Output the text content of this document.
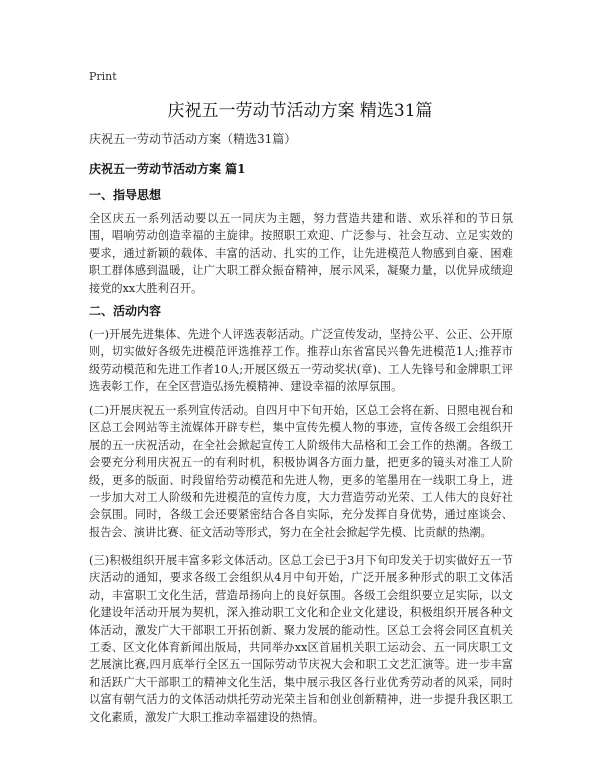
Print
庆祝五一劳动节活动方案 精选31篇
庆祝五一劳动节活动方案（精选31篇）
庆祝五一劳动节活动方案 篇1
一、指导思想
全区庆五一系列活动要以五一同庆为主题，努力营造共建和谐、欢乐祥和的节日氛围，唱响劳动创造幸福的主旋律。按照职工欢迎、广泛参与、社会互动、立足实效的要求，通过新颖的载体、丰富的活动、扎实的工作，让先进模范人物感到自豪、困难职工群体感到温暖，让广大职工群众振奋精神，展示风采，凝聚力量，以优异成绩迎接党的xx大胜利召开。
二、活动内容
(一)开展先进集体、先进个人评选表彰活动。广泛宣传发动，坚持公平、公正、公开原则，切实做好各级先进模范评选推荐工作。推荐山东省富民兴鲁先进模范1人;推荐市级劳动模范和先进工作者10人;开展区级五一劳动奖状(章)、工人先锋号和金牌职工评选表彰工作，在全区营造弘扬先模精神、建设幸福的浓厚氛围。
(二)开展庆祝五一系列宣传活动。自四月中下旬开始，区总工会将在新、日照电视台和区总工会网站等主流媒体开辟专栏，集中宣传先模人物的事迹，宣传各级工会组织开展的五一庆祝活动，在全社会掀起宣传工人阶级伟大品格和工会工作的热潮。各级工会要充分利用庆祝五一的有利时机，积极协调各方面力量，把更多的镜头对准工人阶级，更多的版面、时段留给劳动模范和先进人物，更多的笔墨用在一线职工身上，进一步加大对工人阶级和先进模范的宣传力度，大力营造劳动光荣、工人伟大的良好社会氛围。同时，各级工会还要紧密结合各自实际，充分发挥自身优势，通过座谈会、报告会、演讲比赛、征文活动等形式，努力在全社会掀起学先模、比贡献的热潮。
(三)积极组织开展丰富多彩文体活动。区总工会已于3月下旬印发关于切实做好五一节庆活动的通知，要求各级工会组织从4月中旬开始，广泛开展多种形式的职工文体活动，丰富职工文化生活，营造昂扬向上的良好氛围。各级工会组织要立足实际，以文化建设年活动开展为契机，深入推动职工文化和企业文化建设，积极组织开展各种文体活动，激发广大干部职工开拓创新、聚力发展的能动性。区总工会将会同区直机关工委、区文化体育新闻出版局，共同举办xx区首届机关职工运动会、五一同庆职工文艺展演比赛,四月底举行全区五一国际劳动节庆祝大会和职工文艺汇演等。进一步丰富和活跃广大干部职工的精神文化生活，集中展示我区各行业优秀劳动者的风采，同时以富有朝气活力的文体活动烘托劳动光荣主旨和创业创新精神，进一步提升我区职工文化素质，激发广大职工推动幸福建设的热情。
